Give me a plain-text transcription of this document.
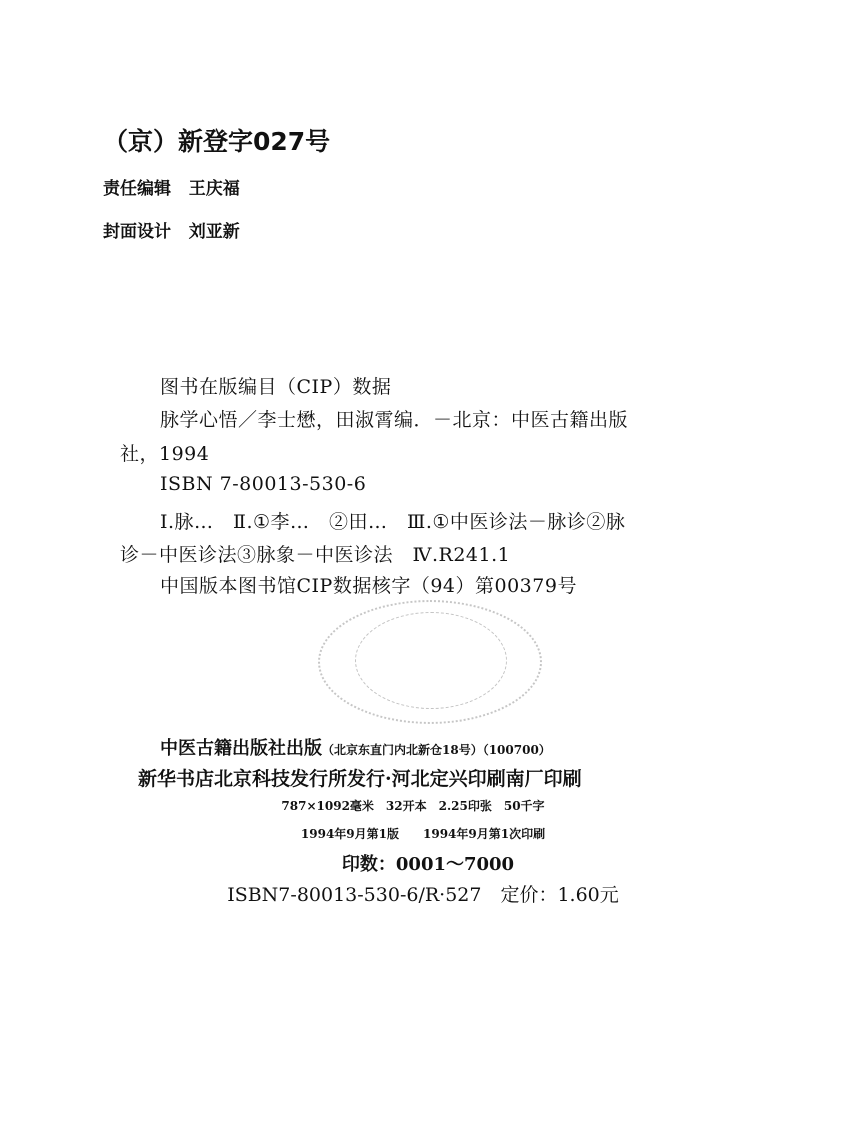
（京）新登字027号
责任编辑 王庆福
封面设计 刘亚新
图书在版编目（CIP）数据
脉学心悟／李士懋，田淑霄编．－北京：中医古籍出版
社，1994
ISBN 7-80013-530-6
Ⅰ.脉…　Ⅱ.①李…　②田…　Ⅲ.①中医诊法－脉诊②脉
诊－中医诊法③脉象－中医诊法　Ⅳ.R241.1
中国版本图书馆CIP数据核字（94）第00379号
中医古籍出版社出版（北京东直门内北新仓18号）（100700）
新华书店北京科技发行所发行·河北定兴印刷南厂印刷
787×1092毫米　32开本　2.25印张　50千字
1994年9月第1版　　1994年9月第1次印刷
印数：0001～7000
ISBN7-80013-530-6/R·527　定价：1.60元
